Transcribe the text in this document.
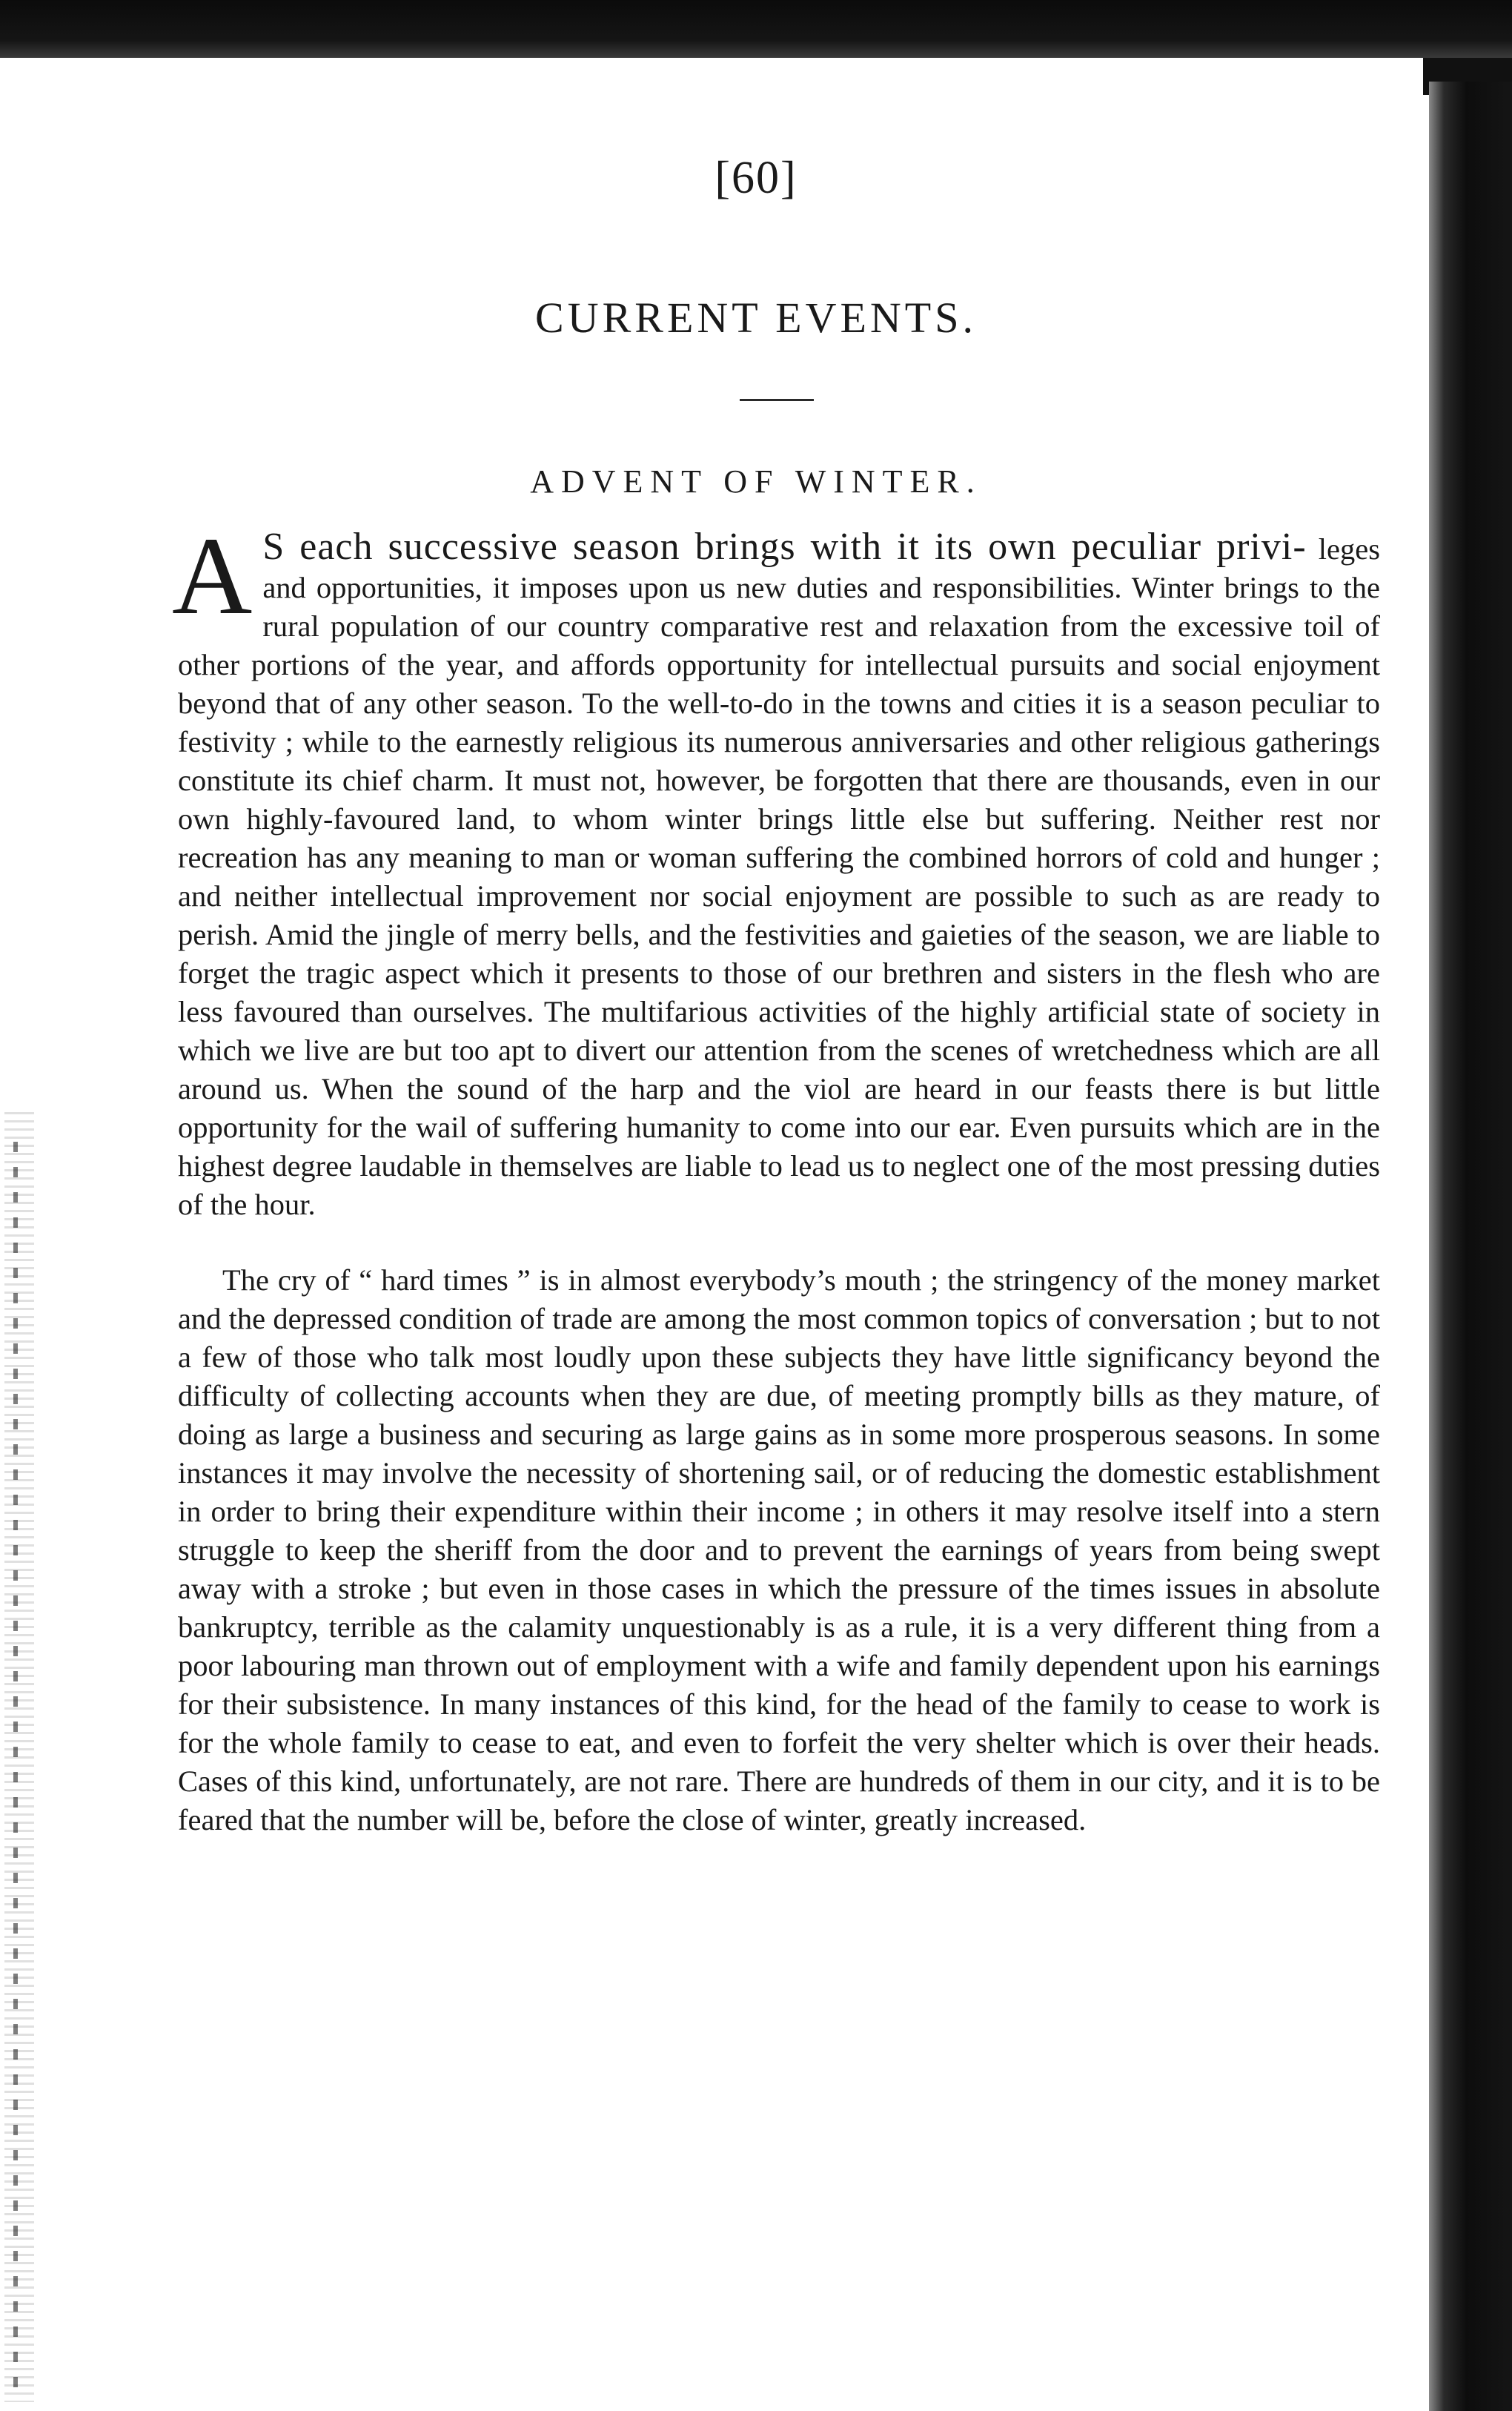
[60]
CURRENT EVENTS.
ADVENT OF WINTER.

A S each successive season brings with it its own peculiar privi- leges and opportunities, it imposes upon us new duties and responsibilities. Winter brings to the rural population of our country comparative rest and relaxation from the excessive toil of other portions of the year, and affords opportunity for intellectual pursuits and social enjoyment beyond that of any other season. To the well-to-do in the towns and cities it is a season peculiar to festivity ; while to the earnestly religious its numerous anniversaries and other religious gatherings constitute its chief charm. It must not, however, be forgotten that there are thousands, even in our own highly-favoured land, to whom winter brings little else but suffering. Neither rest nor recreation has any meaning to man or woman suffering the combined horrors of cold and hunger ; and neither intellectual improvement nor social enjoyment are possible to such as are ready to perish. Amid the jingle of merry bells, and the festivities and gaieties of the season, we are liable to forget the tragic aspect which it presents to those of our brethren and sisters in the flesh who are less favoured than ourselves. The multifarious activities of the highly artificial state of society in which we live are but too apt to divert our attention from the scenes of wretchedness which are all around us. When the sound of the harp and the viol are heard in our feasts there is but little opportunity for the wail of suffering humanity to come into our ear. Even pursuits which are in the highest degree laudable in themselves are liable to lead us to neglect one of the most pressing duties of the hour.

The cry of “ hard times ” is in almost everybody’s mouth ; the stringency of the money market and the depressed condition of trade are among the most common topics of conversation ; but to not a few of those who talk most loudly upon these subjects they have little significancy beyond the difficulty of collecting accounts when they are due, of meeting promptly bills as they mature, of doing as large a business and securing as large gains as in some more prosperous seasons. In some instances it may involve the necessity of shortening sail, or of reducing the domestic establishment in order to bring their expenditure within their income ; in others it may resolve itself into a stern struggle to keep the sheriff from the door and to prevent the earnings of years from being swept away with a stroke ; but even in those cases in which the pressure of the times issues in absolute bankruptcy, terrible as the calamity unquestionably is as a rule, it is a very different thing from a poor labouring man thrown out of employment with a wife and family dependent upon his earnings for their subsistence. In many instances of this kind, for the head of the family to cease to work is for the whole family to cease to eat, and even to forfeit the very shelter which is over their heads. Cases of this kind, unfortunately, are not rare. There are hundreds of them in our city, and it is to be feared that the number will be, before the close of winter, greatly increased.
